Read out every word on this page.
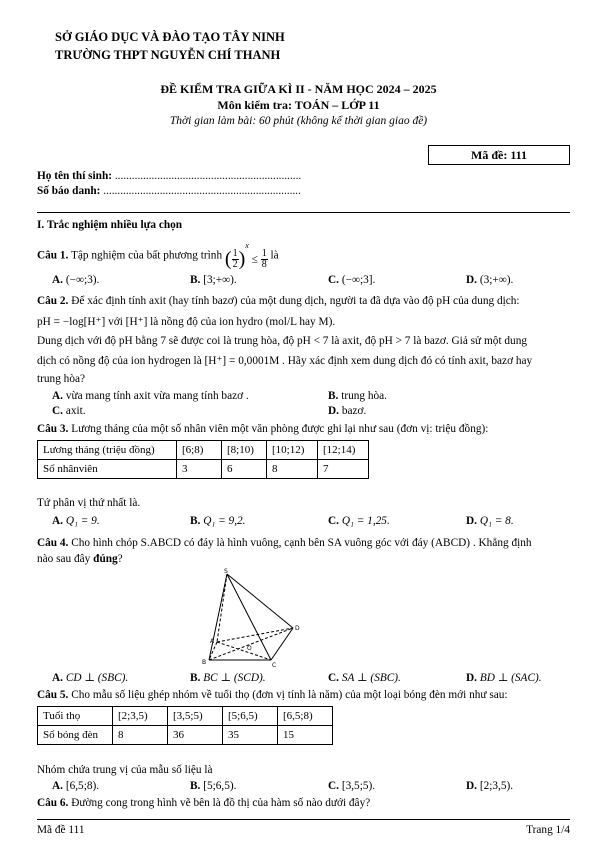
SỞ GIÁO DỤC VÀ ĐÀO TẠO TÂY NINH
TRƯỜNG THPT NGUYỄN CHÍ THANH
ĐỀ KIỂM TRA GIỮA KÌ II - NĂM HỌC 2024 – 2025
Môn kiểm tra: TOÁN – LỚP 11
Thời gian làm bài: 60 phút (không kể thời gian giao đề)
Mã đề: 111
Họ tên thí sinh: ..................................................................
Số báo danh: ......................................................................
I. Trắc nghiệm nhiều lựa chọn
Câu 1. Tập nghiệm của bất phương trình ( $\frac{1}{2} )^x \le \frac{1}{8}$ là
A. (−∞;3).	B. [3;+∞).	C. (−∞;3].	D. (3;+∞).
Câu 2. Để xác định tính axit (hay tính bazơ) của một dung dịch, người ta đã dựa vào độ pH của dung dịch:
pH = −log[H⁺] với [H⁺] là nồng độ của ion hydro (mol/L hay M).
Dung dịch với độ pH bằng 7 sẽ được coi là trung hòa, độ pH < 7 là axit, độ pH > 7 là bazơ. Giả sử một dung
dịch có nồng độ của ion hydrogen là [H⁺] = 0,0001M . Hãy xác định xem dung dịch đó có tính axit, bazơ hay
trung hòa?
A. vừa mang tính axit vừa mang tính bazơ .	B. trung hòa.
C. axit.	D. bazơ.
Câu 3. Lương tháng của một số nhân viên một văn phòng được ghi lại như sau (đơn vị: triệu đồng):
Lương tháng (triệu đồng)	[6;8)	[8;10)	[10;12)	[12;14)
Số nhânviên	3	6	8	7
Tứ phân vị thứ nhất là.
A. Q₁ = 9.	B. Q₁ = 9,2.	C. Q₁ = 1,25.	D. Q₁ = 8.
Câu 4. Cho hình chóp S.ABCD có đáy là hình vuông, cạnh bên SA vuông góc với đáy (ABCD) . Khẳng định
nào sau đây đúng?
S
A
B	C
D
O
A. CD ⊥ (SBC).	B. BC ⊥ (SCD).	C. SA ⊥ (SBC).	D. BD ⊥ (SAC).
Câu 5. Cho mẫu số liệu ghép nhóm về tuổi thọ (đơn vị tính là năm) của một loại bóng đèn mới như sau:
Tuổi thọ	[2;3,5)	[3,5;5)	[5;6,5)	[6,5;8)
Số bóng đèn	8	36	35	15
Nhóm chứa trung vị của mẫu số liệu là
A. [6,5;8).	B. [5;6,5).	C. [3,5;5).	D. [2;3,5).
Câu 6. Đường cong trong hình vẽ bên là đồ thị của hàm số nào dưới đây?
Mã đề 111	Trang 1/4
